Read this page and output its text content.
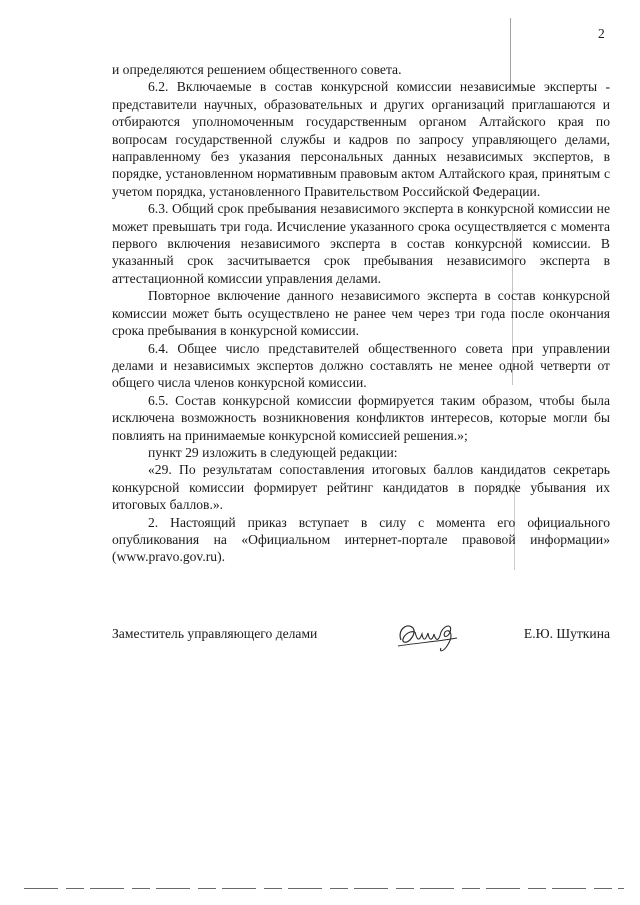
2

и определяются решением общественного совета.

6.2. Включаемые в состав конкурсной комиссии независимые эксперты - представители научных, образовательных и других организаций приглашаются и отбираются уполномоченным государственным органом Алтайского края по вопросам государственной службы и кадров по запросу управляющего делами, направленному без указания персональных данных независимых экспертов, в порядке, установленном нормативным правовым актом Алтайского края, принятым с учетом порядка, установленного Правительством Российской Федерации.

6.3. Общий срок пребывания независимого эксперта в конкурсной комиссии не может превышать три года. Исчисление указанного срока осуществляется с момента первого включения независимого эксперта в состав конкурсной комиссии. В указанный срок засчитывается срок пребывания независимого эксперта в аттестационной комиссии управления делами.

Повторное включение данного независимого эксперта в состав конкурсной комиссии может быть осуществлено не ранее чем через три года после окончания срока пребывания в конкурсной комиссии.

6.4. Общее число представителей общественного совета при управлении делами и независимых экспертов должно составлять не менее одной четверти от общего числа членов конкурсной комиссии.

6.5. Состав конкурсной комиссии формируется таким образом, чтобы была исключена возможность возникновения конфликтов интересов, которые могли бы повлиять на принимаемые конкурсной комиссией решения.»;

пункт 29 изложить в следующей редакции:

«29. По результатам сопоставления итоговых баллов кандидатов секретарь конкурсной комиссии формирует рейтинг кандидатов в порядке убывания их итоговых баллов.».

2. Настоящий приказ вступает в силу с момента его официального опубликования на «Официальном интернет-портале правовой информации» (www.pravo.gov.ru).

Заместитель управляющего делами	Е.Ю. Шуткина
